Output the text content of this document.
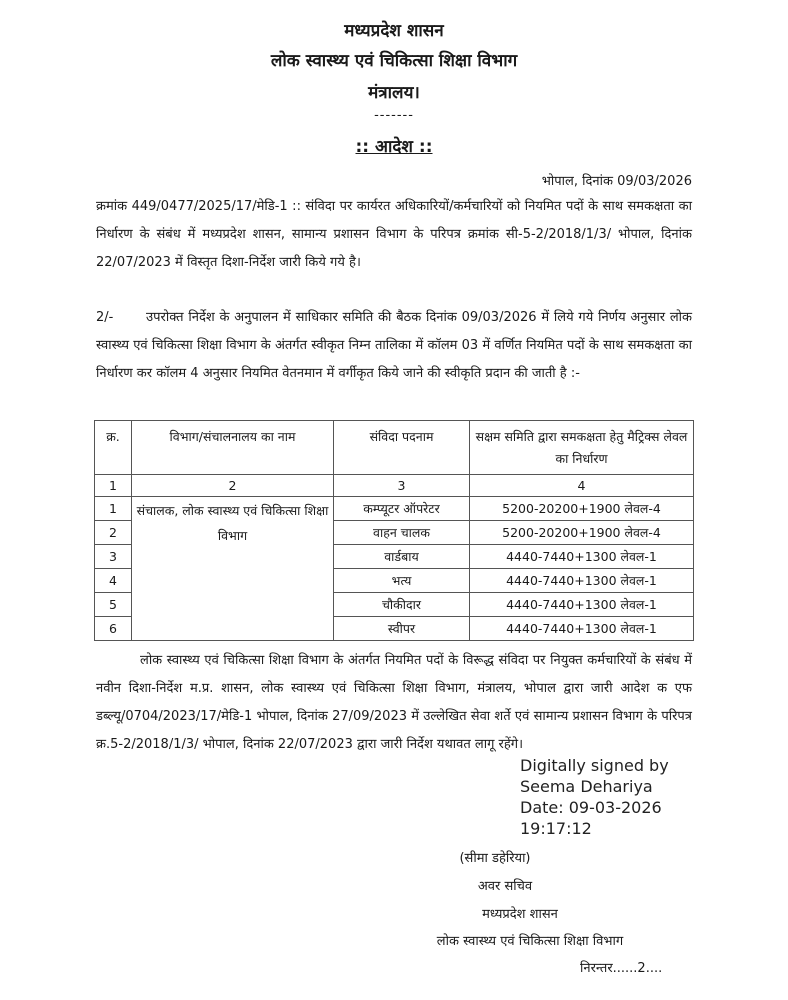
मध्यप्रदेश शासन
लोक स्वास्थ्य एवं चिकित्सा शिक्षा विभाग
मंत्रालय।
-------
:: आदेश ::
भोपाल, दिनांक 09/03/2026
क्रमांक 449/0477/2025/17/मेडि-1 :: संविदा पर कार्यरत अधिकारियों/कर्मचारियों को नियमित पदों के साथ समकक्षता का निर्धारण के संबंध में मध्यप्रदेश शासन, सामान्य प्रशासन विभाग के परिपत्र क्रमांक सी-5-2/2018/1/3/ भोपाल, दिनांक 22/07/2023 में विस्तृत दिशा-निर्देश जारी किये गये है।
2/-	उपरोक्त निर्देश के अनुपालन में साधिकार समिति की बैठक दिनांक 09/03/2026 में लिये गये निर्णय अनुसार लोक स्वास्थ्य एवं चिकित्सा शिक्षा विभाग के अंतर्गत स्वीकृत निम्न तालिका में कॉलम 03 में वर्णित नियमित पदों के साथ समकक्षता का निर्धारण कर कॉलम 4 अनुसार नियमित वेतनमान में वर्गीकृत किये जाने की स्वीकृति प्रदान की जाती है :-
क्र.	विभाग/संचालनालय का नाम	संविदा पदनाम	सक्षम समिति द्वारा समकक्षता हेतु मैट्रिक्स लेवल का निर्धारण
1	2	3	4
1	संचालक, लोक स्वास्थ्य एवं चिकित्सा शिक्षा विभाग	कम्प्यूटर ऑपरेटर	5200-20200+1900 लेवल-4
2		वाहन चालक	5200-20200+1900 लेवल-4
3		वार्डबाय	4440-7440+1300 लेवल-1
4		भत्य	4440-7440+1300 लेवल-1
5		चौकीदार	4440-7440+1300 लेवल-1
6		स्वीपर	4440-7440+1300 लेवल-1
लोक स्वास्थ्य एवं चिकित्सा शिक्षा विभाग के अंतर्गत नियमित पदों के विरूद्ध संविदा पर नियुक्त कर्मचारियों के संबंध में नवीन दिशा-निर्देश म.प्र. शासन, लोक स्वास्थ्य एवं चिकित्सा शिक्षा विभाग, मंत्रालय, भोपाल द्वारा जारी आदेश क एफ डब्ल्यू/0704/2023/17/मेडि-1 भोपाल, दिनांक 27/09/2023 में उल्लेखित सेवा शर्ते एवं सामान्य प्रशासन विभाग के परिपत्र क्र.5-2/2018/1/3/ भोपाल, दिनांक 22/07/2023 द्वारा जारी निर्देश यथावत लागू रहेंगे।
Digitally signed by
Seema Dehariya
Date: 09-03-2026
19:17:12
(सीमा डहेरिया)
अवर सचिव
मध्यप्रदेश शासन
लोक स्वास्थ्य एवं चिकित्सा शिक्षा विभाग
निरन्तर......2....
